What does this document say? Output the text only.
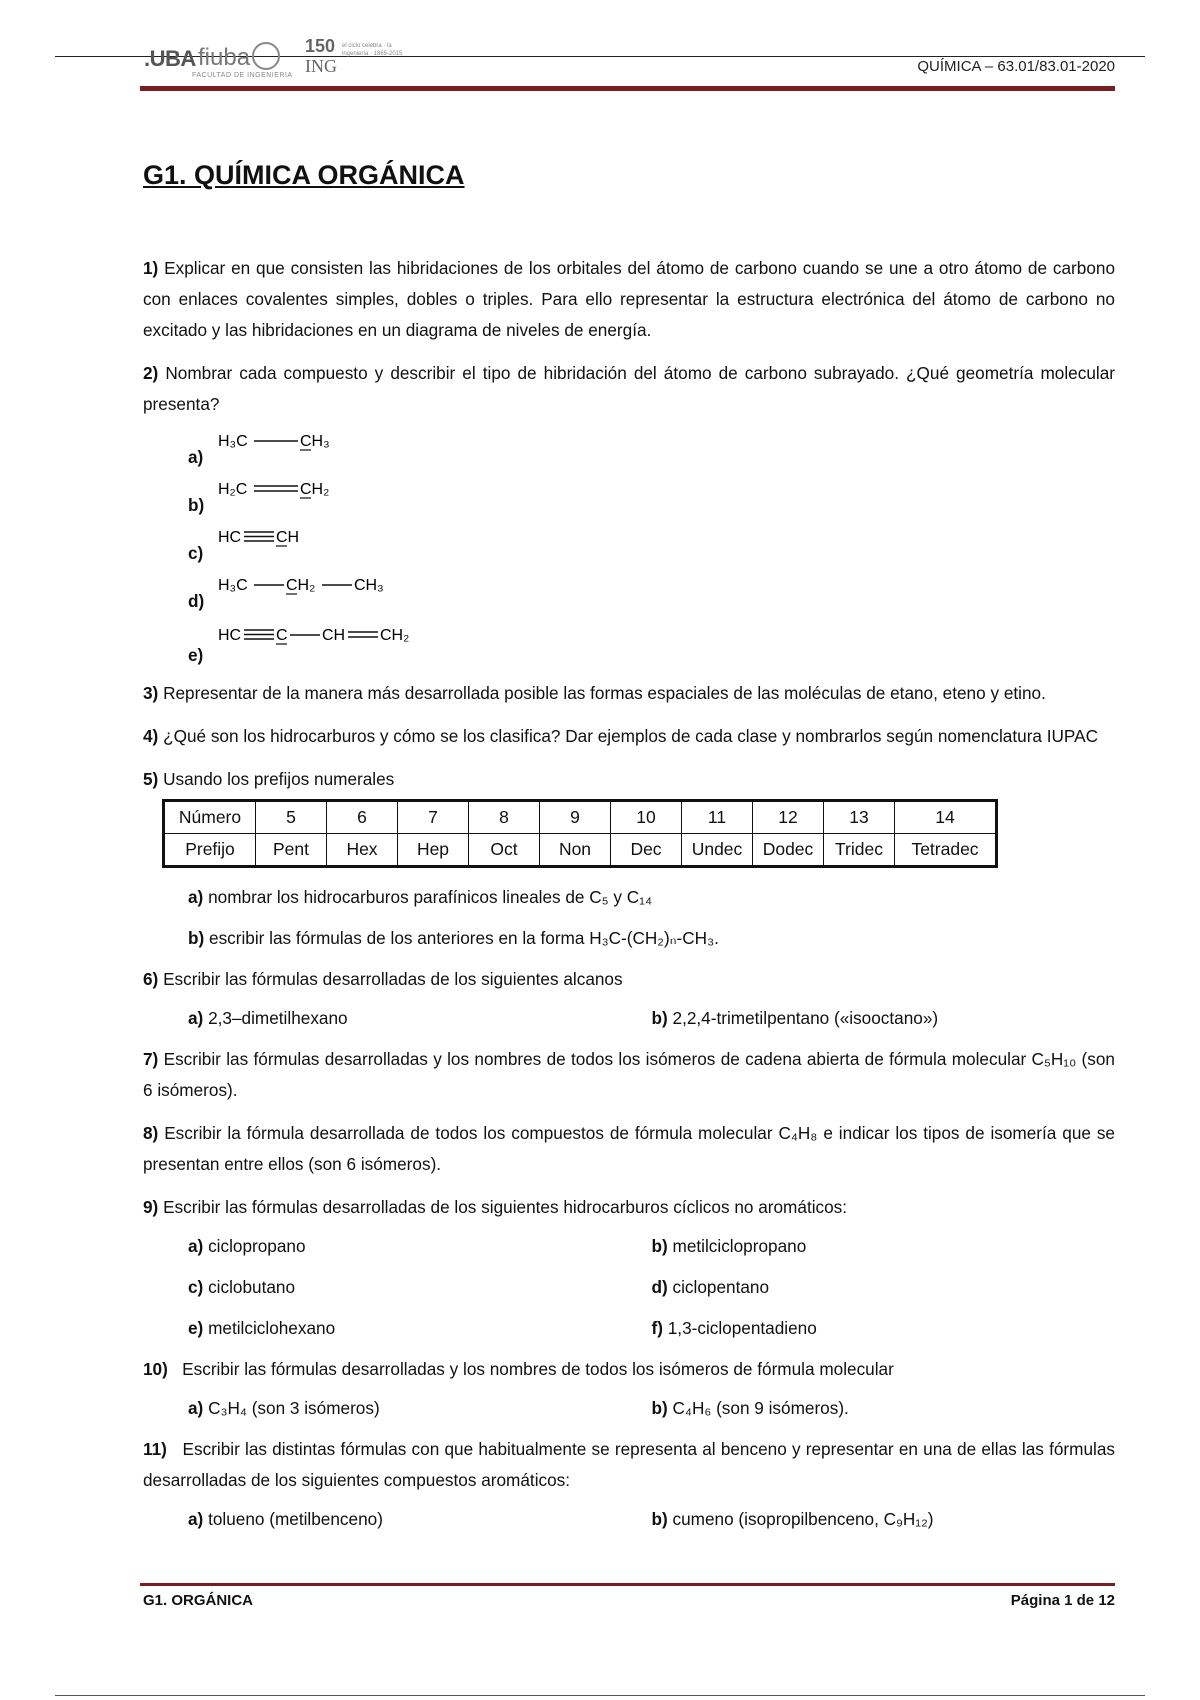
.UBA fiuba
FACULTAD DE INGENIERIA
150
ING
el ciclo celebra · la ingeniería · 1865-2015
QUÍMICA – 63.01/83.01-2020
G1. QUÍMICA ORGÁNICA

1) Explicar en que consisten las hibridaciones de los orbitales del átomo de carbono cuando se une a otro átomo de carbono con enlaces covalentes simples, dobles o triples. Para ello representar la estructura electrónica del átomo de carbono no excitado y las hibridaciones en un diagrama de niveles de energía.

2) Nombrar cada compuesto y describir el tipo de hibridación del átomo de carbono subrayado. ¿Qué geometría molecular presenta?

a)
H₃C	CH₃
b)
H₂C	CH₂
c)
HC CH
d)
H₃C CH₂ CH₃
e)
HC C CH CH₂

3) Representar de la manera más desarrollada posible las formas espaciales de las moléculas de etano, eteno y etino.

4) ¿Qué son los hidrocarburos y cómo se los clasifica? Dar ejemplos de cada clase y nombrarlos según nomenclatura IUPAC

5) Usando los prefijos numerales

Número	5	6	7	8	9	10	11	12	13	14
Prefijo	Pent	Hex	Hep	Oct	Non	Dec	Undec	Dodec	Tridec	Tetradec
a) nombrar los hidrocarburos parafínicos lineales de C₅ y C₁₄
b) escribir las fórmulas de los anteriores en la forma H₃C-(CH₂)ₙ-CH₃.

6) Escribir las fórmulas desarrolladas de los siguientes alcanos

a) 2,3–dimetilhexano	b) 2,2,4-trimetilpentano («isooctano»)

7) Escribir las fórmulas desarrolladas y los nombres de todos los isómeros de cadena abierta de fórmula molecular C₅H₁₀ (son 6 isómeros).

8) Escribir la fórmula desarrollada de todos los compuestos de fórmula molecular C₄H₈ e indicar los tipos de isomería que se presentan entre ellos (son 6 isómeros).

9) Escribir las fórmulas desarrolladas de los siguientes hidrocarburos cíclicos no aromáticos:

a) ciclopropano	b) metilciclopropano
c) ciclobutano	d) ciclopentano
e) metilciclohexano	f) 1,3-ciclopentadieno

10) Escribir las fórmulas desarrolladas y los nombres de todos los isómeros de fórmula molecular

a) C₃H₄ (son 3 isómeros)	b) C₄H₆ (son 9 isómeros).

11) Escribir las distintas fórmulas con que habitualmente se representa al benceno y representar en una de ellas las fórmulas desarrolladas de los siguientes compuestos aromáticos:

a) tolueno (metilbenceno)	b) cumeno (isopropilbenceno, C₉H₁₂)
G1. ORGÁNICA	Página 1 de 12
